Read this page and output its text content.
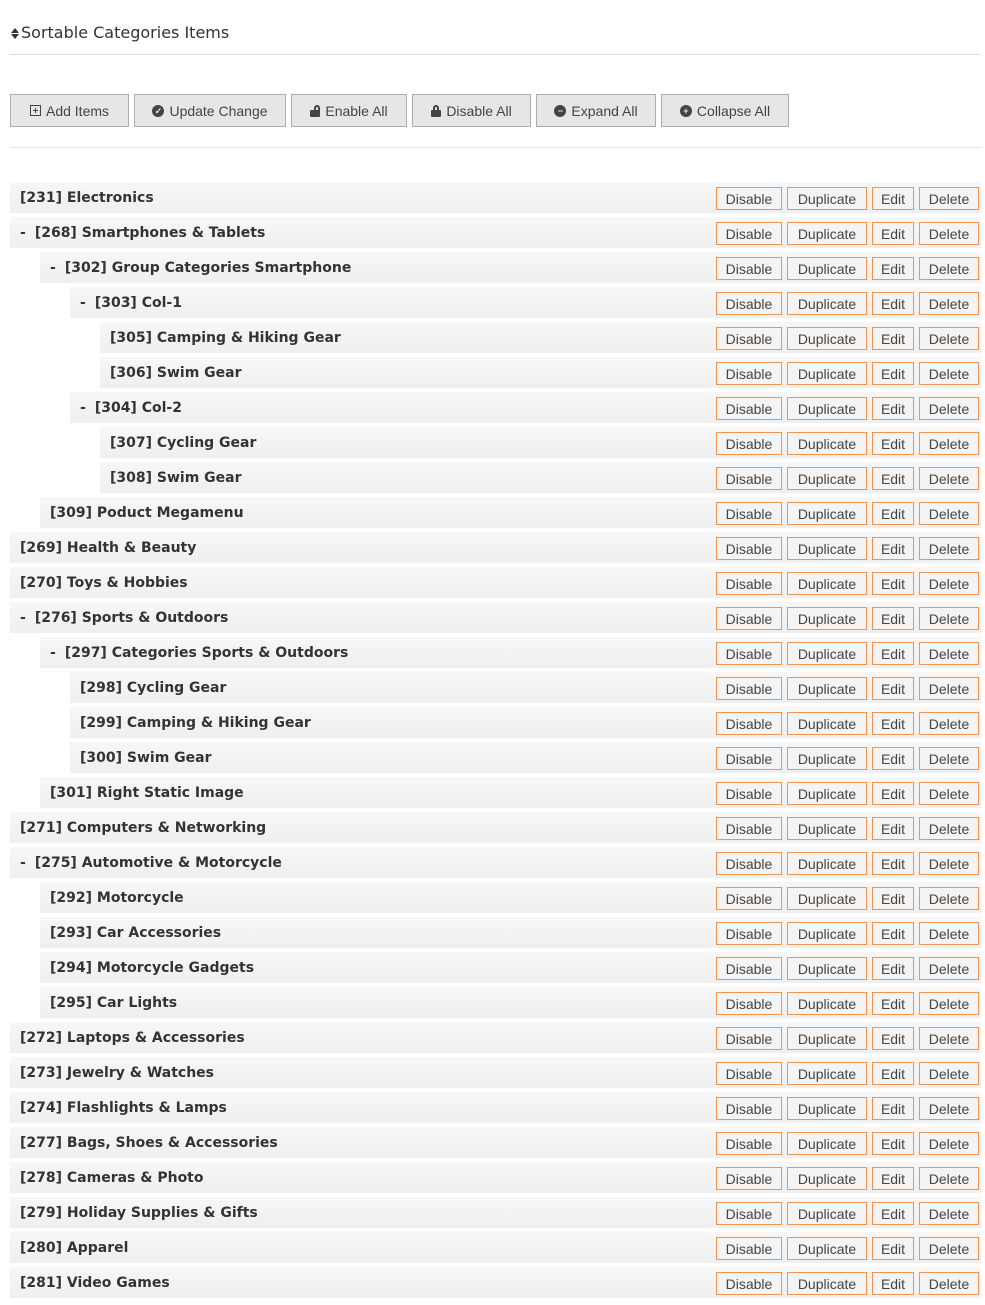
Sortable Categories Items
Add Items	✓ Update Change	Enable All	Disable All	− Expand All	+ Collapse All
[231] Electronics	Disable	Duplicate	Edit	Delete
- [268] Smartphones & Tablets	Disable	Duplicate	Edit	Delete
- [302] Group Categories Smartphone	Disable	Duplicate	Edit	Delete
- [303] Col-1	Disable	Duplicate	Edit	Delete
[305] Camping & Hiking Gear	Disable	Duplicate	Edit	Delete
[306] Swim Gear	Disable	Duplicate	Edit	Delete
- [304] Col-2	Disable	Duplicate	Edit	Delete
[307] Cycling Gear	Disable	Duplicate	Edit	Delete
[308] Swim Gear	Disable	Duplicate	Edit	Delete
[309] Poduct Megamenu	Disable	Duplicate	Edit	Delete
[269] Health & Beauty	Disable	Duplicate	Edit	Delete
[270] Toys & Hobbies	Disable	Duplicate	Edit	Delete
- [276] Sports & Outdoors	Disable	Duplicate	Edit	Delete
- [297] Categories Sports & Outdoors	Disable	Duplicate	Edit	Delete
[298] Cycling Gear	Disable	Duplicate	Edit	Delete
[299] Camping & Hiking Gear	Disable	Duplicate	Edit	Delete
[300] Swim Gear	Disable	Duplicate	Edit	Delete
[301] Right Static Image	Disable	Duplicate	Edit	Delete
[271] Computers & Networking	Disable	Duplicate	Edit	Delete
- [275] Automotive & Motorcycle	Disable	Duplicate	Edit	Delete
[292] Motorcycle	Disable	Duplicate	Edit	Delete
[293] Car Accessories	Disable	Duplicate	Edit	Delete
[294] Motorcycle Gadgets	Disable	Duplicate	Edit	Delete
[295] Car Lights	Disable	Duplicate	Edit	Delete
[272] Laptops & Accessories	Disable	Duplicate	Edit	Delete
[273] Jewelry & Watches	Disable	Duplicate	Edit	Delete
[274] Flashlights & Lamps	Disable	Duplicate	Edit	Delete
[277] Bags, Shoes & Accessories	Disable	Duplicate	Edit	Delete
[278] Cameras & Photo	Disable	Duplicate	Edit	Delete
[279] Holiday Supplies & Gifts	Disable	Duplicate	Edit	Delete
[280] Apparel	Disable	Duplicate	Edit	Delete
[281] Video Games	Disable	Duplicate	Edit	Delete
